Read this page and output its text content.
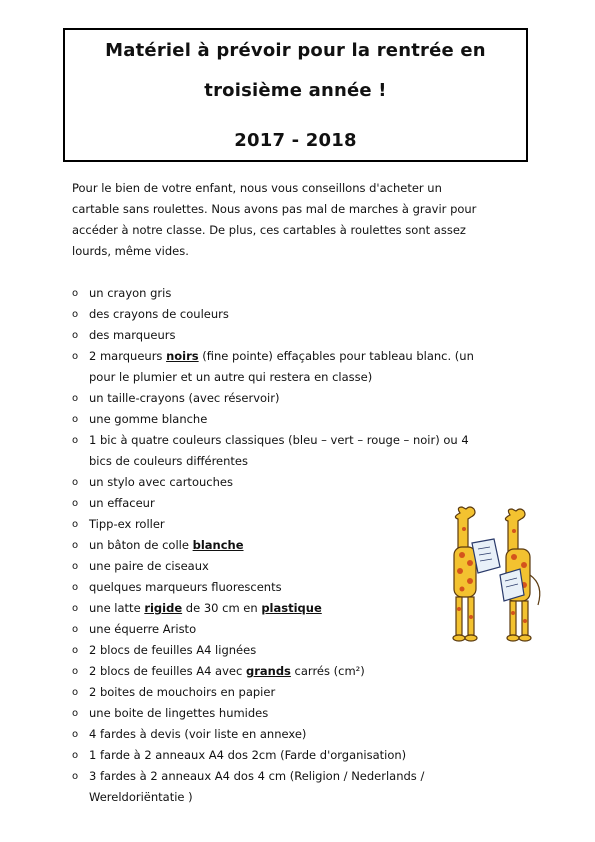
Matériel à prévoir pour la rentrée en
troisième année !
2017 - 2018

Pour le bien de votre enfant, nous vous conseillons d'acheter un

cartable sans roulettes. Nous avons pas mal de marches à gravir pour

accéder à notre classe. De plus, ces cartables à roulettes sont assez

lourds, même vides.

o un crayon gris
o des crayons de couleurs
o des marqueurs
o 2 marqueurs noirs (fine pointe) effaçables pour tableau blanc. (un
pour le plumier et un autre qui restera en classe)
o un taille-crayons (avec réservoir)
o une gomme blanche
o 1 bic à quatre couleurs classiques (bleu – vert – rouge – noir) ou 4
bics de couleurs différentes
o un stylo avec cartouches
o un effaceur
o Tipp-ex roller
o un bâton de colle blanche
o une paire de ciseaux
o quelques marqueurs fluorescents
o une latte rigide de 30 cm en plastique
o une équerre Aristo
o 2 blocs de feuilles A4 lignées
o 2 blocs de feuilles A4 avec grands carrés (cm²)
o 2 boites de mouchoirs en papier
o une boite de lingettes humides
o 4 fardes à devis (voir liste en annexe)
o 1 farde à 2 anneaux A4 dos 2cm (Farde d'organisation)
o 3 fardes à 2 anneaux A4 dos 4 cm (Religion / Nederlands /
Wereldoriëntatie )
